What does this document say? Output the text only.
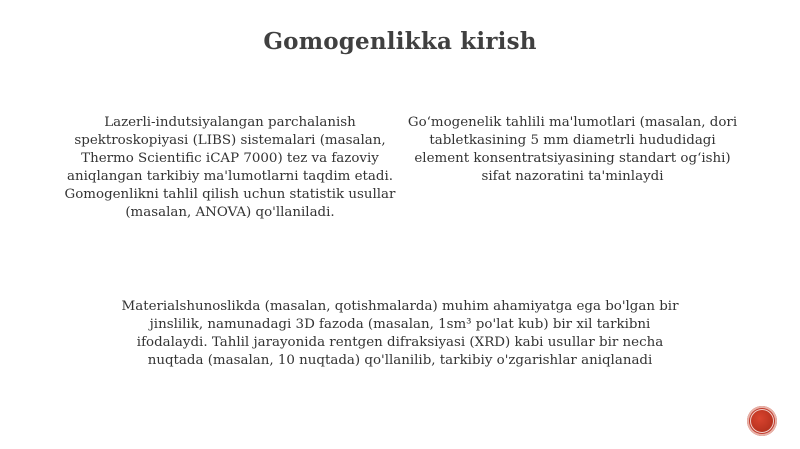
Gomogenlikka kirish
Lazerli-indutsiyalangan parchalanish spektroskopiyasi (LIBS) sistemalari (masalan, Thermo Scientific iCAP 7000) tez va fazoviy aniqlangan tarkibiy ma'lumotlarni taqdim etadi. Gomogenlikni tahlil qilish uchun statistik usullar (masalan, ANOVA) qo'llaniladi.
Goʻmogenelik tahlili ma'lumotlari (masalan, dori tabletkasining 5 mm diametrli hududidagi element konsentratsiyasining standart ogʻishi) sifat nazoratini ta'minlaydi
Materialshunoslikda (masalan, qotishmalarda) muhim ahamiyatga ega bo'lgan bir jinslilik, namunadagi 3D fazoda (masalan, 1sm³ po'lat kub) bir xil tarkibni ifodalaydi. Tahlil jarayonida rentgen difraksiyasi (XRD) kabi usullar bir necha nuqtada (masalan, 10 nuqtada) qo'llanilib, tarkibiy o'zgarishlar aniqlanadi
